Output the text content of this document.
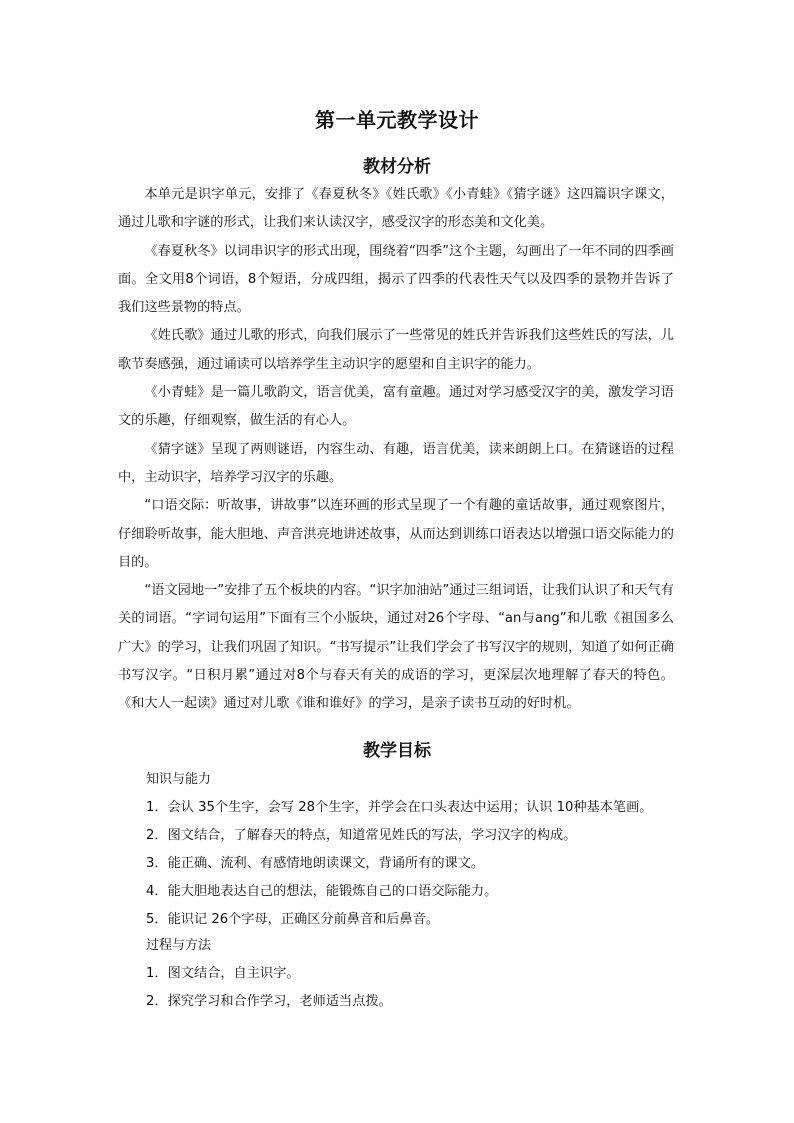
第一单元教学设计
教材分析

本单元是识字单元，安排了《春夏秋冬》《姓氏歌》《小青蛙》《猜字谜》这四篇识字课文，通过儿歌和字谜的形式，让我们来认读汉字，感受汉字的形态美和文化美。

《春夏秋冬》以词串识字的形式出现，围绕着“四季”这个主题，勾画出了一年不同的四季画面。全文用8个词语，8个短语，分成四组，揭示了四季的代表性天气以及四季的景物并告诉了我们这些景物的特点。

《姓氏歌》通过儿歌的形式，向我们展示了一些常见的姓氏并告诉我们这些姓氏的写法，儿歌节奏感强，通过诵读可以培养学生主动识字的愿望和自主识字的能力。

《小青蛙》是一篇儿歌韵文，语言优美，富有童趣。通过对学习感受汉字的美，激发学习语文的乐趣，仔细观察，做生活的有心人。

《猜字谜》呈现了两则谜语，内容生动、有趣，语言优美，读来朗朗上口。在猜谜语的过程中，主动识字，培养学习汉字的乐趣。

“口语交际：听故事，讲故事”以连环画的形式呈现了一个有趣的童话故事，通过观察图片，仔细聆听故事，能大胆地、声音洪亮地讲述故事，从而达到训练口语表达以增强口语交际能力的目的。

“语文园地一”安排了五个板块的内容。“识字加油站”通过三组词语，让我们认识了和天气有关的词语。“字词句运用”下面有三个小版块，通过对26个字母、“an与ang”和儿歌《祖国多么广大》的学习，让我们巩固了知识。“书写提示”让我们学会了书写汉字的规则，知道了如何正确书写汉字。“日积月累”通过对8个与春天有关的成语的学习，更深层次地理解了春天的特色。《和大人一起读》通过对儿歌《谁和谁好》的学习，是亲子读书互动的好时机。

教学目标
知识与能力
1．会认 35个生字，会写 28个生字，并学会在口头表达中运用；认识 10种基本笔画。
2．图文结合，了解春天的特点，知道常见姓氏的写法，学习汉字的构成。
3．能正确、流利、有感情地朗读课文，背诵所有的课文。
4．能大胆地表达自己的想法，能锻炼自己的口语交际能力。
5．能识记 26个字母，正确区分前鼻音和后鼻音。
过程与方法
1．图文结合，自主识字。
2．探究学习和合作学习，老师适当点拨。
